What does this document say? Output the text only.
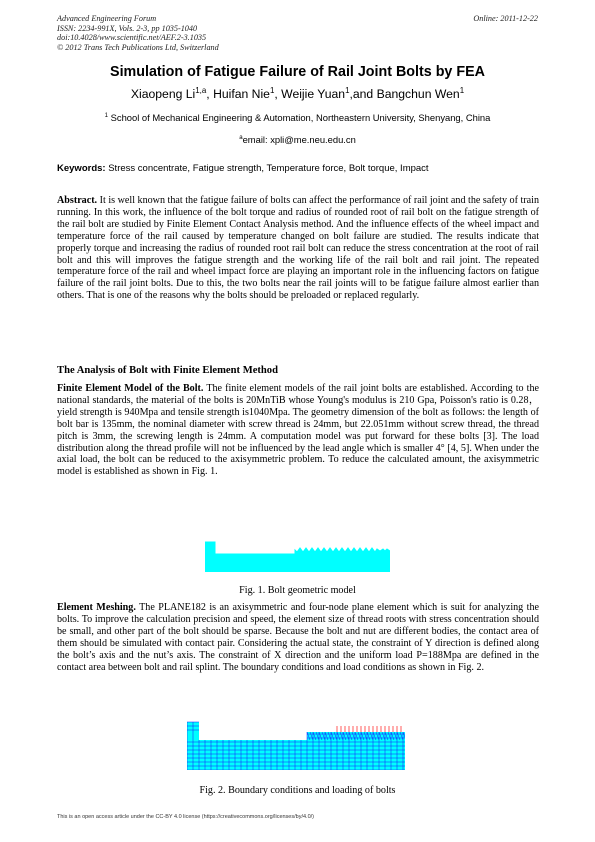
Advanced Engineering Forum
ISSN: 2234-991X, Vols. 2-3, pp 1035-1040
doi:10.4028/www.scientific.net/AEF.2-3.1035
© 2012 Trans Tech Publications Ltd, Switzerland
Online: 2011-12-22
Simulation of Fatigue Failure of Rail Joint Bolts by FEA
Xiaopeng Li$^{1,a}$, Huifan Nie$^1$, Weijie Yuan$^1$,and Bangchun Wen$^1$
$^1$ School of Mechanical Engineering & Automation, Northeastern University, Shenyang, China
$^a$email: xpli@me.neu.edu.cn
Keywords: Stress concentrate, Fatigue strength, Temperature force, Bolt torque, Impact
Abstract. It is well known that the fatigue failure of bolts can affect the performance of rail joint and the safety of train running. In this work, the influence of the bolt torque and radius of rounded root of rail bolt on the fatigue strength of the rail bolt are studied by Finite Element Contact Analysis method. And the influence effects of the wheel impact and temperature force of the rail caused by temperature changed on bolt failure are studied. The results indicate that properly torque and increasing the radius of rounded root rail bolt can reduce the stress concentration at the root of rail bolt and this will improves the fatigue strength and the working life of the rail bolt and rail joint. The repeated temperature force of the rail and wheel impact force are playing an important role in the influencing factors on fatigue failure of the rail joint bolts. Due to this, the two bolts near the rail joints will to be fatigue failure almost earlier than others. That is one of the reasons why the bolts should be preloaded or replaced regularly.
The Analysis of Bolt with Finite Element Method
Finite Element Model of the Bolt. The finite element models of the rail joint bolts are established. According to the national standards, the material of the bolts is 20MnTiB whose Young's modulus is 210 Gpa, Poisson's ratio is 0.28，yield strength is 940Mpa and tensile strength is1040Mpa. The geometry dimension of the bolt as follows: the length of bolt bar is 135mm, the nominal diameter with screw thread is 24mm, but 22.051mm without screw thread, the thread pitch is 3mm, the screwing length is 24mm. A computation model was put forward for these bolts [3]. The load distribution along the thread profile will not be influenced by the lead angle which is smaller 4° [4, 5]. When under the axial load, the bolt can be reduced to the axisymmetric problem. To reduce the calculated amount, the axisymmetric model is established as shown in Fig. 1.
Fig. 1. Bolt geometric model
Element Meshing. The PLANE182 is an axisymmetric and four-node plane element which is suit for analyzing the bolts. To improve the calculation precision and speed, the element size of thread roots with stress concentration should be small, and other part of the bolt should be sparse. Because the bolt and nut are different bodies, the contact area of them should be simulated with contact pair. Considering the actual state, the constraint of Y direction is defined along the bolt’s axis and the nut’s axis. The constraint of X direction and the uniform load P=188Mpa are defined in the contact area between bolt and rail splint. The boundary conditions and load conditions as shown in Fig. 2.
Fig. 2. Boundary conditions and loading of bolts
This is an open access article under the CC-BY 4.0 license (https://creativecommons.org/licenses/by/4.0/)
